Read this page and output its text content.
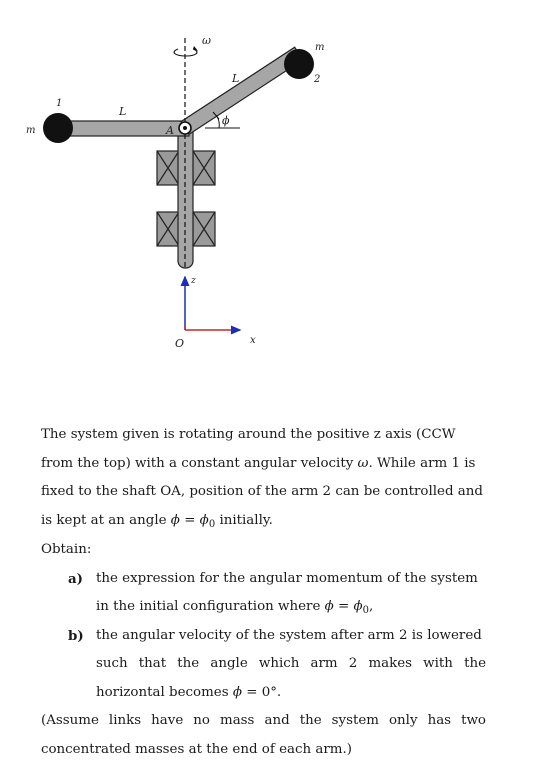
m
m
1
2
L
L
A
ϕ
ω
O
z
x
The system given is rotating around the positive z axis (CCW
from the top) with a constant angular velocity ω. While arm 1 is
fixed to the shaft OA, position of the arm 2 can be controlled and
is kept at an angle $\phi = \phi_0$ initially.
Obtain:
a) the expression for the angular momentum of the system
in the initial configuration where $\phi = \phi_0$,
b) the angular velocity of the system after arm 2 is lowered
such that the angle which arm 2 makes with the
horizontal becomes ϕ = 0°.
(Assume links have no mass and the system only has two
concentrated masses at the end of each arm.)
